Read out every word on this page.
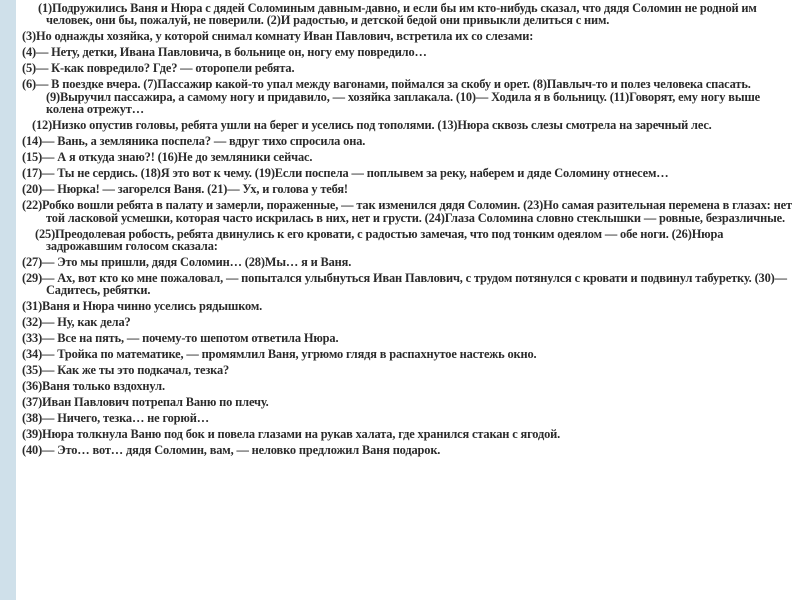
(1)Подружились Ваня и Нюра с дядей Соломиным давным-давно, и если бы им кто-нибудь сказал, что дядя Соломин не родной им человек, они бы, пожалуй, не поверили. (2)И радостью, и детской бедой они привыкли делиться с ним.

(3)Но однажды хозяйка, у которой снимал комнату Иван Павлович, встретила их со слезами:

(4)— Нету, детки, Ивана Павловича, в больнице он, ногу ему повредило…

(5)— К-как повредило? Где? — оторопели ребята.

(6)— В поездке вчера. (7)Пассажир какой-то упал между вагонами, поймался за скобу и орет. (8)Павлыч-то и полез человека спасать. (9)Выручил пассажира, а самому ногу и придавило, — хозяйка заплакала. (10)— Ходила я в больницу. (11)Говорят, ему ногу выше колена отрежут…

(12)Низко опустив головы, ребята ушли на берег и уселись под тополями. (13)Нюра сквозь слезы смотрела на заречный лес.

(14)— Вань, а земляника поспела? — вдруг тихо спросила она.

(15)— А я откуда знаю?! (16)Не до земляники сейчас.

(17)— Ты не сердись. (18)Я это вот к чему. (19)Если поспела — поплывем за реку, наберем и дяде Соломину отнесем…

(20)— Нюрка! — загорелся Ваня. (21)— Ух, и голова у тебя!

(22)Робко вошли ребята в палату и замерли, пораженные, — так изменился дядя Соломин. (23)Но самая разительная перемена в глазах: нет той ласковой усмешки, которая часто искрилась в них, нет и грусти. (24)Глаза Соломина словно стеклышки — ровные, безразличные.

(25)Преодолевая робость, ребята двинулись к его кровати, с радостью замечая, что под тонким одеялом — обе ноги. (26)Нюра задрожавшим голосом сказала:

(27)— Это мы пришли, дядя Соломин… (28)Мы… я и Ваня.

(29)— Ах, вот кто ко мне пожаловал, — попытался улыбнуться Иван Павлович, с трудом потянулся с кровати и подвинул табуретку. (30)— Садитесь, ребятки.

(31)Ваня и Нюра чинно уселись рядышком.

(32)— Ну, как дела?

(33)— Все на пять, — почему-то шепотом ответила Нюра.

(34)— Тройка по математике, — промямлил Ваня, угрюмо глядя в распахнутое настежь окно.

(35)— Как же ты это подкачал, тезка?

(36)Ваня только вздохнул.

(37)Иван Павлович потрепал Ваню по плечу.

(38)— Ничего, тезка… не горюй…

(39)Нюра толкнула Ваню под бок и повела глазами на рукав халата, где хранился стакан с ягодой.

(40)— Это… вот… дядя Соломин, вам, — неловко предложил Ваня подарок.
